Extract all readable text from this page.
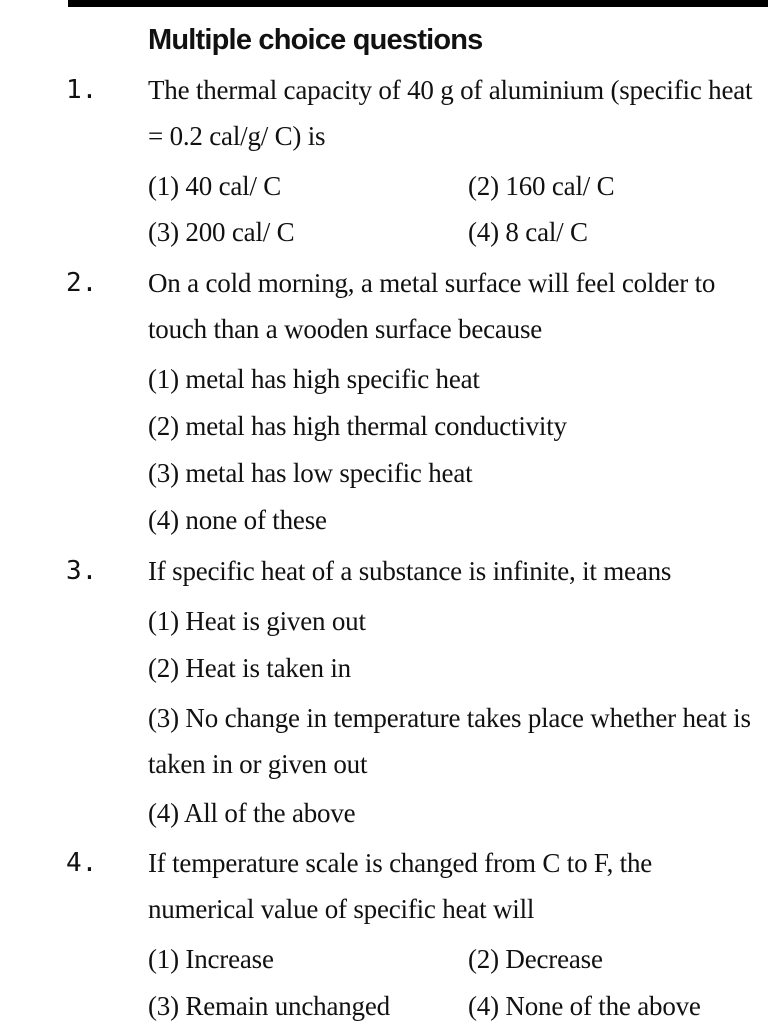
Multiple choice questions
1. The thermal capacity of 40 g of aluminium (specific heat = 0.2 cal/g/ C) is
(1) 40 cal/ C	(2) 160 cal/ C
(3) 200 cal/ C	(4) 8 cal/ C
2. On a cold morning, a metal surface will feel colder to touch than a wooden surface because
(1) metal has high specific heat
(2) metal has high thermal conductivity
(3) metal has low specific heat
(4) none of these
3. If specific heat of a substance is infinite, it means
(1) Heat is given out
(2) Heat is taken in
(3) No change in temperature takes place whether heat is taken in or given out
(4) All of the above
4. If temperature scale is changed from C to F, the numerical value of specific heat will
(1) Increase	(2) Decrease
(3) Remain unchanged	(4) None of the above
